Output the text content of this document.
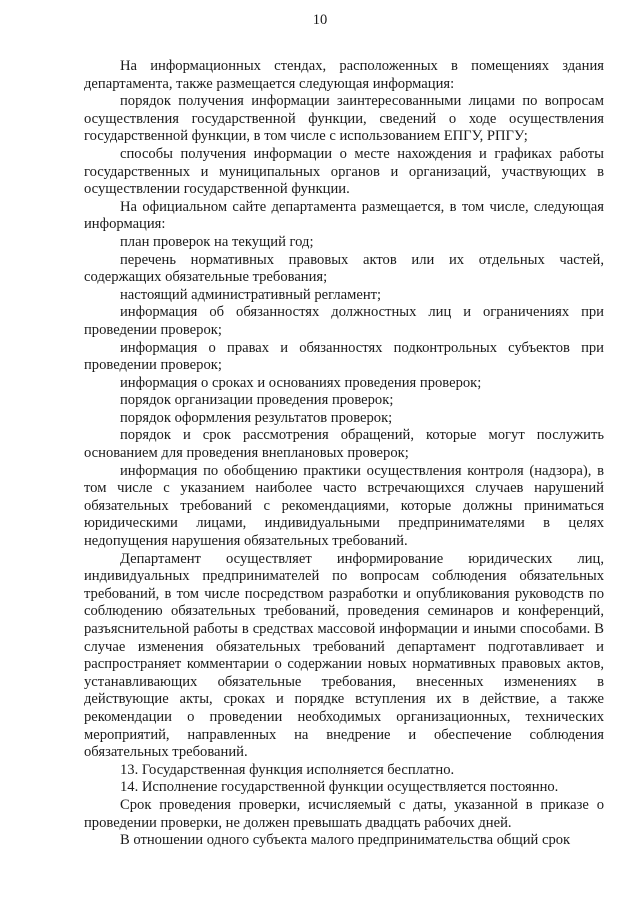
10

На информационных стендах, расположенных в помещениях здания департамента, также размещается следующая информация:

порядок получения информации заинтересованными лицами по вопросам осуществления государственной функции, сведений о ходе осуществления государственной функции, в том числе с использованием ЕПГУ, РПГУ;

способы получения информации о месте нахождения и графиках работы государственных и муниципальных органов и организаций, участвующих в осуществлении государственной функции.

На официальном сайте департамента размещается, в том числе, следующая информация:

план проверок на текущий год;

перечень нормативных правовых актов или их отдельных частей, содержащих обязательные требования;

настоящий административный регламент;

информация об обязанностях должностных лиц и ограничениях при проведении проверок;

информация о правах и обязанностях подконтрольных субъектов при проведении проверок;

информация о сроках и основаниях проведения проверок;

порядок организации проведения проверок;

порядок оформления результатов проверок;

порядок и срок рассмотрения обращений, которые могут послужить основанием для проведения внеплановых проверок;

информация по обобщению практики осуществления контроля (надзора), в том числе с указанием наиболее часто встречающихся случаев нарушений обязательных требований с рекомендациями, которые должны приниматься юридическими лицами, индивидуальными предпринимателями в целях недопущения нарушения обязательных требований.

Департамент осуществляет информирование юридических лиц, индивидуальных предпринимателей по вопросам соблюдения обязательных требований, в том числе посредством разработки и опубликования руководств по соблюдению обязательных требований, проведения семинаров и конференций, разъяснительной работы в средствах массовой информации и иными способами. В случае изменения обязательных требований департамент подготавливает и распространяет комментарии о содержании новых нормативных правовых актов, устанавливающих обязательные требования, внесенных изменениях в действующие акты, сроках и порядке вступления их в действие, а также рекомендации о проведении необходимых организационных, технических мероприятий, направленных на внедрение и обеспечение соблюдения обязательных требований.

13. Государственная функция исполняется бесплатно.

14. Исполнение государственной функции осуществляется постоянно.

Срок проведения проверки, исчисляемый с даты, указанной в приказе о проведении проверки, не должен превышать двадцать рабочих дней.

В отношении одного субъекта малого предпринимательства общий срок
